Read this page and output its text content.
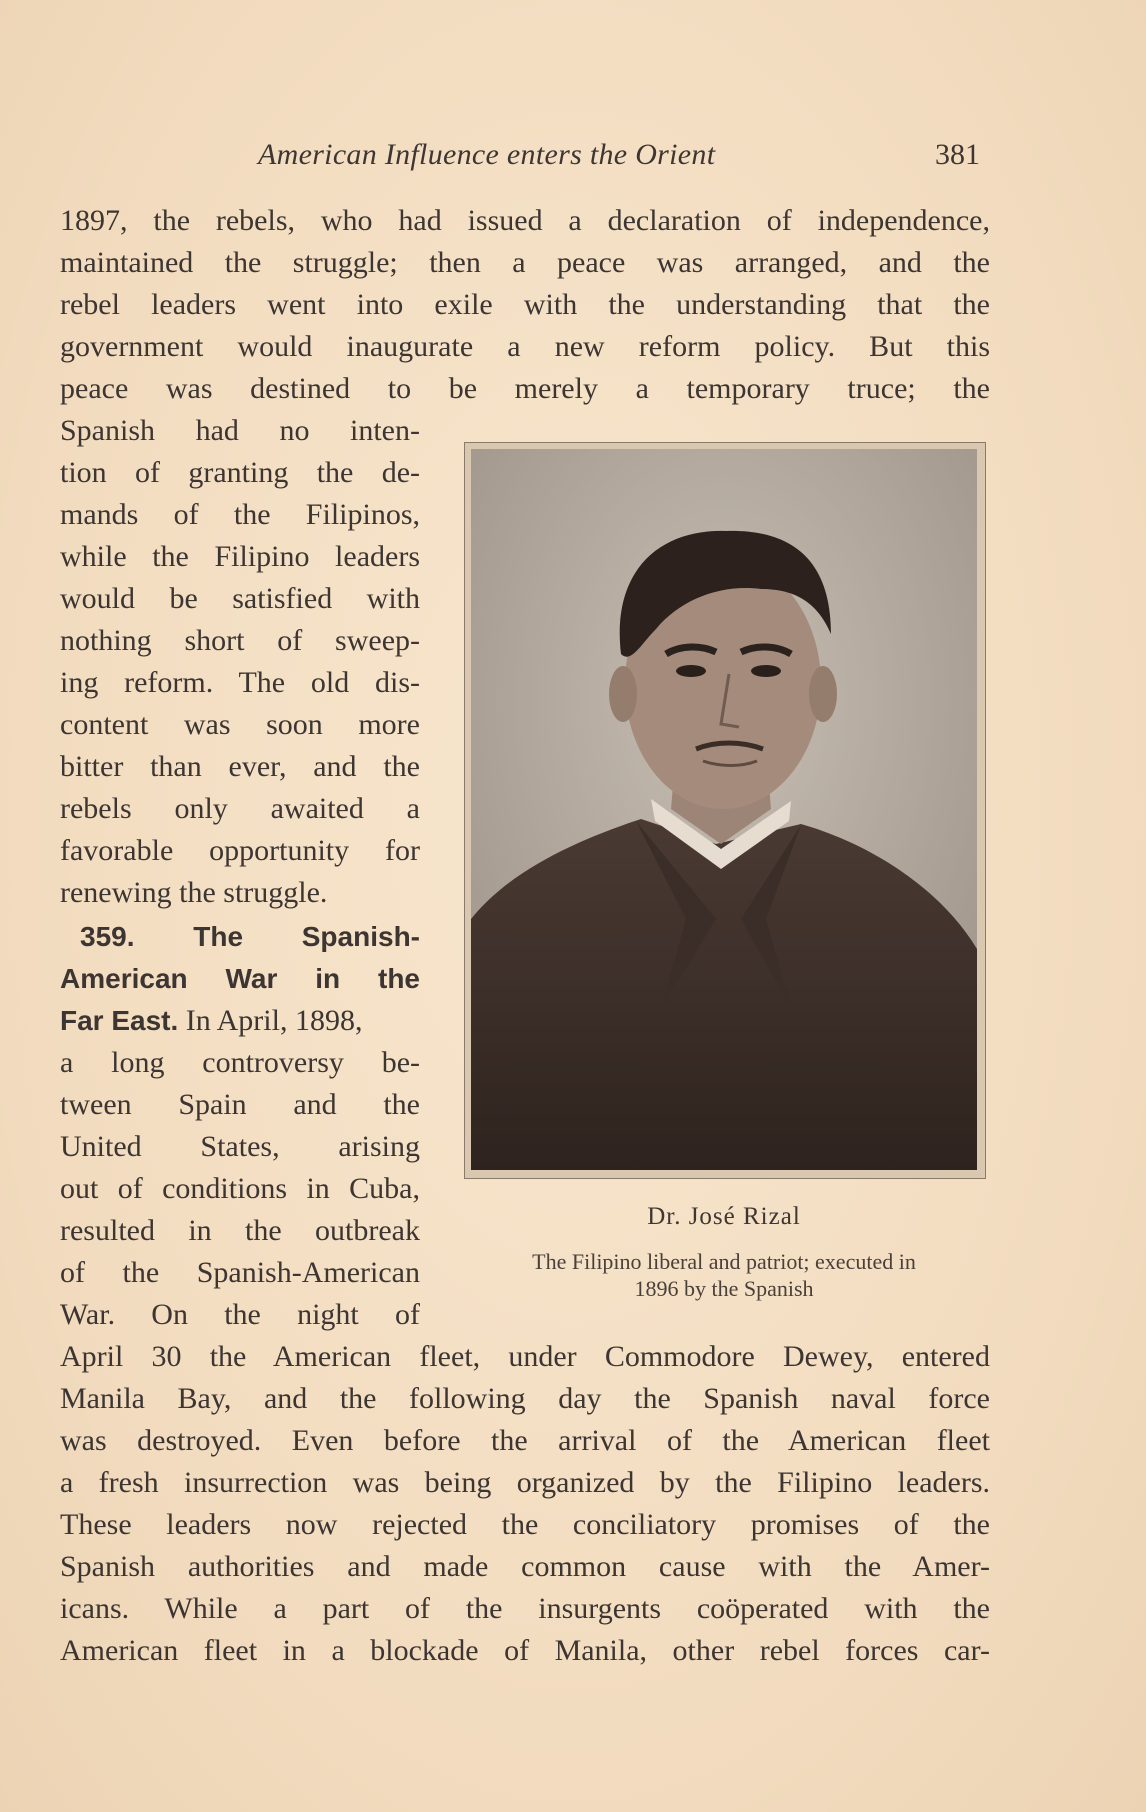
American Influence enters the Orient	381
1897, the rebels, who had issued a declaration of independence,
maintained the struggle; then a peace was arranged, and the
rebel leaders went into exile with the understanding that the
government would inaugurate a new reform policy. But this
peace was destined to be merely a temporary truce; the
Spanish had no inten-
tion of granting the de-
mands of the Filipinos,
while the Filipino leaders
would be satisfied with
nothing short of sweep-
ing reform. The old dis-
content was soon more
bitter than ever, and the
rebels only awaited a
favorable opportunity for
renewing the struggle.
359. The Spanish-
American War in the
Far East. In April, 1898,
a long controversy be-
tween Spain and the
United States, arising
out of conditions in Cuba,
resulted in the outbreak
of the Spanish-American
War. On the night of
April 30 the American fleet, under Commodore Dewey, entered
Manila Bay, and the following day the Spanish naval force
was destroyed. Even before the arrival of the American fleet
a fresh insurrection was being organized by the Filipino leaders.
These leaders now rejected the conciliatory promises of the
Spanish authorities and made common cause with the Amer-
icans. While a part of the insurgents coöperated with the
American fleet in a blockade of Manila, other rebel forces car-
Dr. José Rizal
The Filipino liberal and patriot; executed in
1896 by the Spanish
